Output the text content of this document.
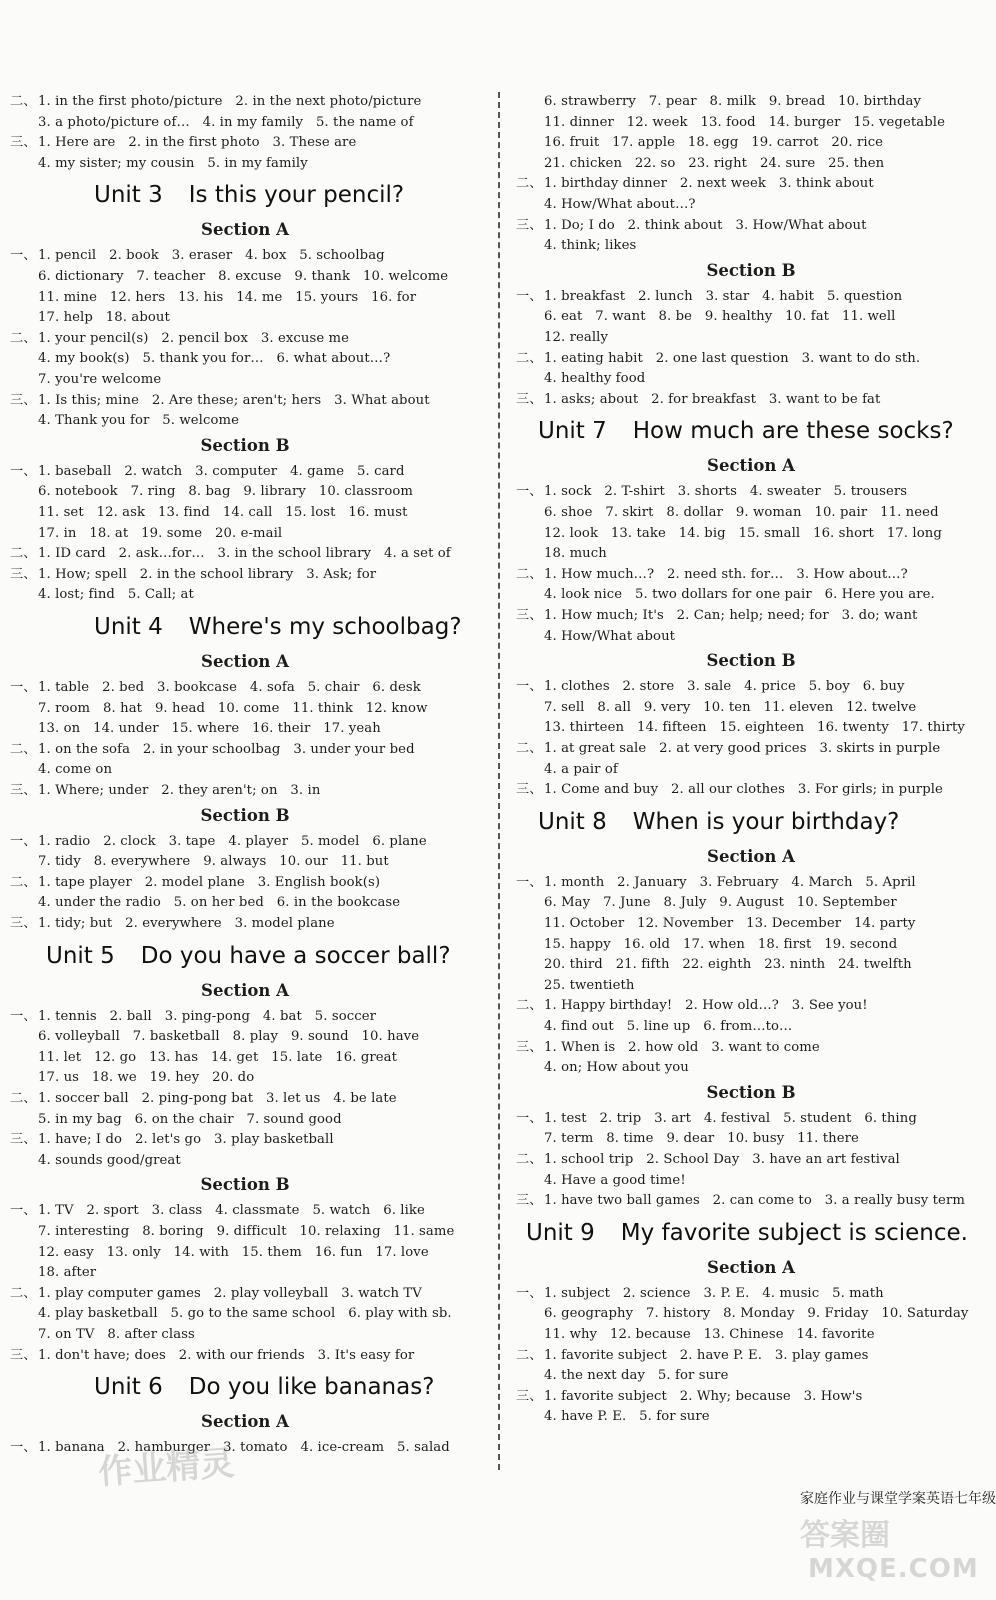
二、1. in the first photo/picture   2. in the next photo/picture
3. a photo/picture of…   4. in my family   5. the name of
三、1. Here are   2. in the first photo   3. These are
4. my sister; my cousin   5. in my family
Unit 3 Is this your pencil?
Section A
一、1. pencil   2. book   3. eraser   4. box   5. schoolbag
6. dictionary   7. teacher   8. excuse   9. thank   10. welcome
11. mine   12. hers   13. his   14. me   15. yours   16. for
17. help   18. about
二、1. your pencil(s)   2. pencil box   3. excuse me
4. my book(s)   5. thank you for…   6. what about…?
7. you're welcome
三、1. Is this; mine   2. Are these; aren't; hers   3. What about
4. Thank you for   5. welcome
Section B
一、1. baseball   2. watch   3. computer   4. game   5. card
6. notebook   7. ring   8. bag   9. library   10. classroom
11. set   12. ask   13. find   14. call   15. lost   16. must
17. in   18. at   19. some   20. e-mail
二、1. ID card   2. ask…for…   3. in the school library   4. a set of
三、1. How; spell   2. in the school library   3. Ask; for
4. lost; find   5. Call; at
Unit 4 Where's my schoolbag?
Section A
一、1. table   2. bed   3. bookcase   4. sofa   5. chair   6. desk
7. room   8. hat   9. head   10. come   11. think   12. know
13. on   14. under   15. where   16. their   17. yeah
二、1. on the sofa   2. in your schoolbag   3. under your bed
4. come on
三、1. Where; under   2. they aren't; on   3. in
Section B
一、1. radio   2. clock   3. tape   4. player   5. model   6. plane
7. tidy   8. everywhere   9. always   10. our   11. but
二、1. tape player   2. model plane   3. English book(s)
4. under the radio   5. on her bed   6. in the bookcase
三、1. tidy; but   2. everywhere   3. model plane
Unit 5 Do you have a soccer ball?
Section A
一、1. tennis   2. ball   3. ping-pong   4. bat   5. soccer
6. volleyball   7. basketball   8. play   9. sound   10. have
11. let   12. go   13. has   14. get   15. late   16. great
17. us   18. we   19. hey   20. do
二、1. soccer ball   2. ping-pong bat   3. let us   4. be late
5. in my bag   6. on the chair   7. sound good
三、1. have; I do   2. let's go   3. play basketball
4. sounds good/great
Section B
一、1. TV   2. sport   3. class   4. classmate   5. watch   6. like
7. interesting   8. boring   9. difficult   10. relaxing   11. same
12. easy   13. only   14. with   15. them   16. fun   17. love
18. after
二、1. play computer games   2. play volleyball   3. watch TV
4. play basketball   5. go to the same school   6. play with sb.
7. on TV   8. after class
三、1. don't have; does   2. with our friends   3. It's easy for
Unit 6 Do you like bananas?
Section A
一、1. banana   2. hamburger   3. tomato   4. ice-cream   5. salad
6. strawberry   7. pear   8. milk   9. bread   10. birthday
11. dinner   12. week   13. food   14. burger   15. vegetable
16. fruit   17. apple   18. egg   19. carrot   20. rice
21. chicken   22. so   23. right   24. sure   25. then
二、1. birthday dinner   2. next week   3. think about
4. How/What about…?
三、1. Do; I do   2. think about   3. How/What about
4. think; likes
Section B
一、1. breakfast   2. lunch   3. star   4. habit   5. question
6. eat   7. want   8. be   9. healthy   10. fat   11. well
12. really
二、1. eating habit   2. one last question   3. want to do sth.
4. healthy food
三、1. asks; about   2. for breakfast   3. want to be fat
Unit 7 How much are these socks?
Section A
一、1. sock   2. T-shirt   3. shorts   4. sweater   5. trousers
6. shoe   7. skirt   8. dollar   9. woman   10. pair   11. need
12. look   13. take   14. big   15. small   16. short   17. long
18. much
二、1. How much…?   2. need sth. for…   3. How about…?
4. look nice   5. two dollars for one pair   6. Here you are.
三、1. How much; It's   2. Can; help; need; for   3. do; want
4. How/What about
Section B
一、1. clothes   2. store   3. sale   4. price   5. boy   6. buy
7. sell   8. all   9. very   10. ten   11. eleven   12. twelve
13. thirteen   14. fifteen   15. eighteen   16. twenty   17. thirty
二、1. at great sale   2. at very good prices   3. skirts in purple
4. a pair of
三、1. Come and buy   2. all our clothes   3. For girls; in purple
Unit 8 When is your birthday?
Section A
一、1. month   2. January   3. February   4. March   5. April
6. May   7. June   8. July   9. August   10. September
11. October   12. November   13. December   14. party
15. happy   16. old   17. when   18. first   19. second
20. third   21. fifth   22. eighth   23. ninth   24. twelfth
25. twentieth
二、1. Happy birthday!   2. How old…?   3. See you!
4. find out   5. line up   6. from…to…
三、1. When is   2. how old   3. want to come
4. on; How about you
Section B
一、1. test   2. trip   3. art   4. festival   5. student   6. thing
7. term   8. time   9. dear   10. busy   11. there
二、1. school trip   2. School Day   3. have an art festival
4. Have a good time!
三、1. have two ball games   2. can come to   3. a really busy term
Unit 9 My favorite subject is science.
Section A
一、1. subject   2. science   3. P. E.   4. music   5. math
6. geography   7. history   8. Monday   9. Friday   10. Saturday
11. why   12. because   13. Chinese   14. favorite
二、1. favorite subject   2. have P. E.   3. play games
4. the next day   5. for sure
三、1. favorite subject   2. Why; because   3. How's
4. have P. E.   5. for sure
家庭作业与课堂学案英语七年级
作业精灵
答案圈
MXQE.COM
